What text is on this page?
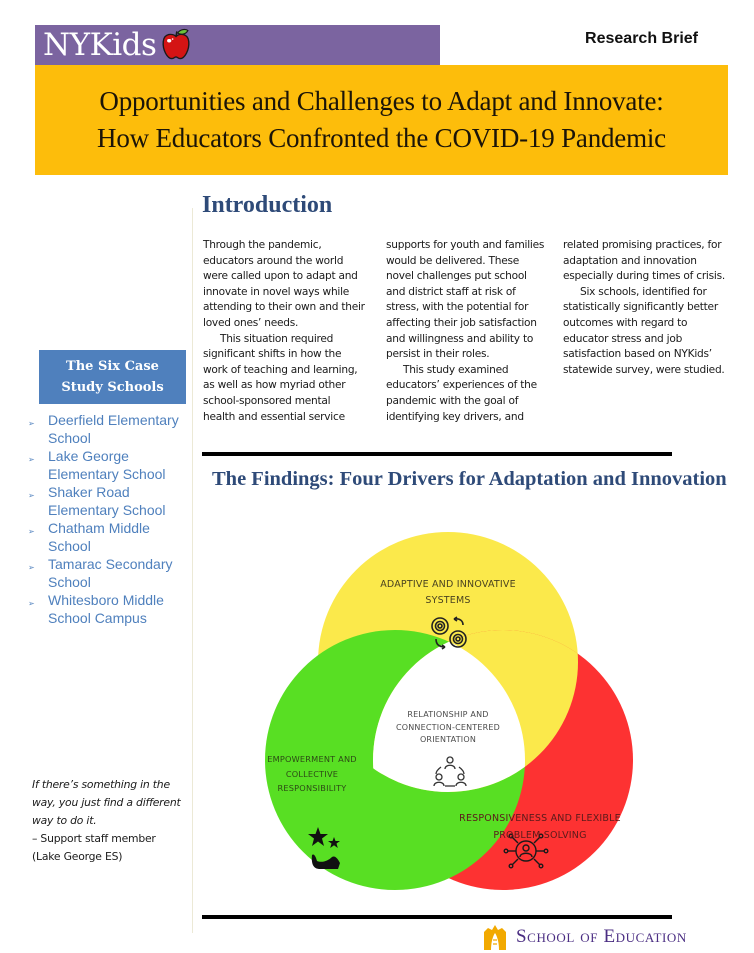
NYKids	Research Brief
Opportunities and Challenges to Adapt and Innovate:
How Educators Confronted the COVID-19 Pandemic
Introduction

Through the pandemic, educators around the world were called upon to adapt and innovate in novel ways while attending to their own and their loved ones’ needs.

This situation required significant shifts in how the work of teaching and learning, as well as how myriad other school-sponsored mental health and essential service

supports for youth and families would be delivered. These novel challenges put school and district staff at risk of stress, with the potential for affecting their job satisfaction and willingness and ability to persist in their roles.

This study examined educators’ experiences of the pandemic with the goal of identifying key drivers, and

related promising practices, for adaptation and innovation especially during times of crisis.

Six schools, identified for statistically significantly better outcomes with regard to educator stress and job satisfaction based on NYKids’ statewide survey, were studied.

The Six Case
Study Schools
➢ Deerfield Elementary School
➢ Lake George Elementary School
➢ Shaker Road Elementary School
➢ Chatham Middle School
➢ Tamarac Secondary School
➢ Whitesboro Middle School Campus
If there’s something in the way, you just find a different way to do it.
– Support staff member (Lake George ES)
The Findings: Four Drivers for Adaptation and Innovation
ADAPTIVE AND INNOVATIVE SYSTEMS
RELATIONSHIP AND CONNECTION-CENTERED ORIENTATION
EMPOWERMENT AND COLLECTIVE RESPONSIBILITY
RESPONSIVENESS AND FLEXIBLE PROBLEM SOLVING
School of Education
